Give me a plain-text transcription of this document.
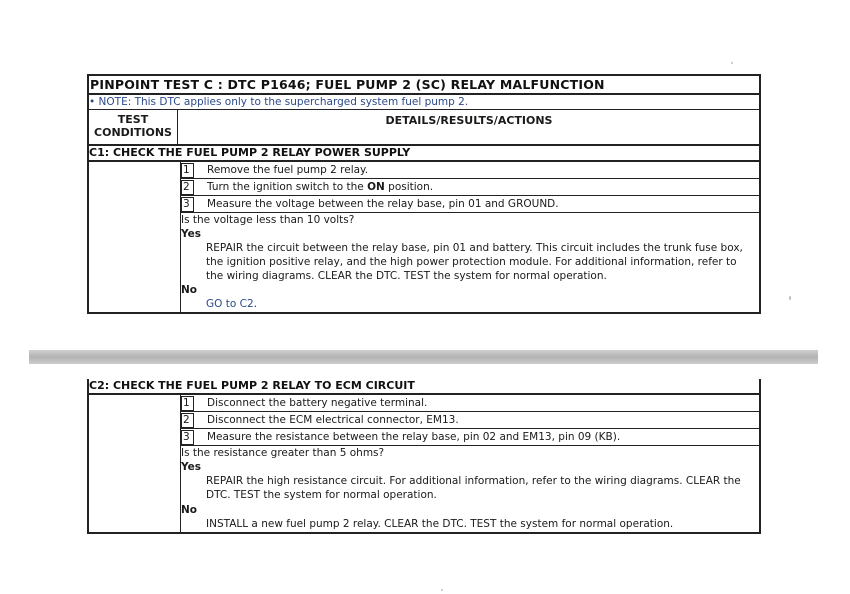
PINPOINT TEST C : DTC P1646; FUEL PUMP 2 (SC) RELAY MALFUNCTION
• NOTE: This DTC applies only to the supercharged system fuel pump 2.
TEST
CONDITIONS
DETAILS/RESULTS/ACTIONS
C1: CHECK THE FUEL PUMP 2 RELAY POWER SUPPLY
1	Remove the fuel pump 2 relay.
2	Turn the ignition switch to the ON position.
3	Measure the voltage between the relay base, pin 01 and GROUND.
Is the voltage less than 10 volts?
Yes
REPAIR the circuit between the relay base, pin 01 and battery. This circuit includes the trunk fuse box, the ignition positive relay, and the high power protection module. For additional information, refer to the wiring diagrams. CLEAR the DTC. TEST the system for normal operation.
No
GO to C2.
C2: CHECK THE FUEL PUMP 2 RELAY TO ECM CIRCUIT
1	Disconnect the battery negative terminal.
2	Disconnect the ECM electrical connector, EM13.
3	Measure the resistance between the relay base, pin 02 and EM13, pin 09 (KB).
Is the resistance greater than 5 ohms?
Yes
REPAIR the high resistance circuit. For additional information, refer to the wiring diagrams. CLEAR the DTC. TEST the system for normal operation.
No
INSTALL a new fuel pump 2 relay. CLEAR the DTC. TEST the system for normal operation.
